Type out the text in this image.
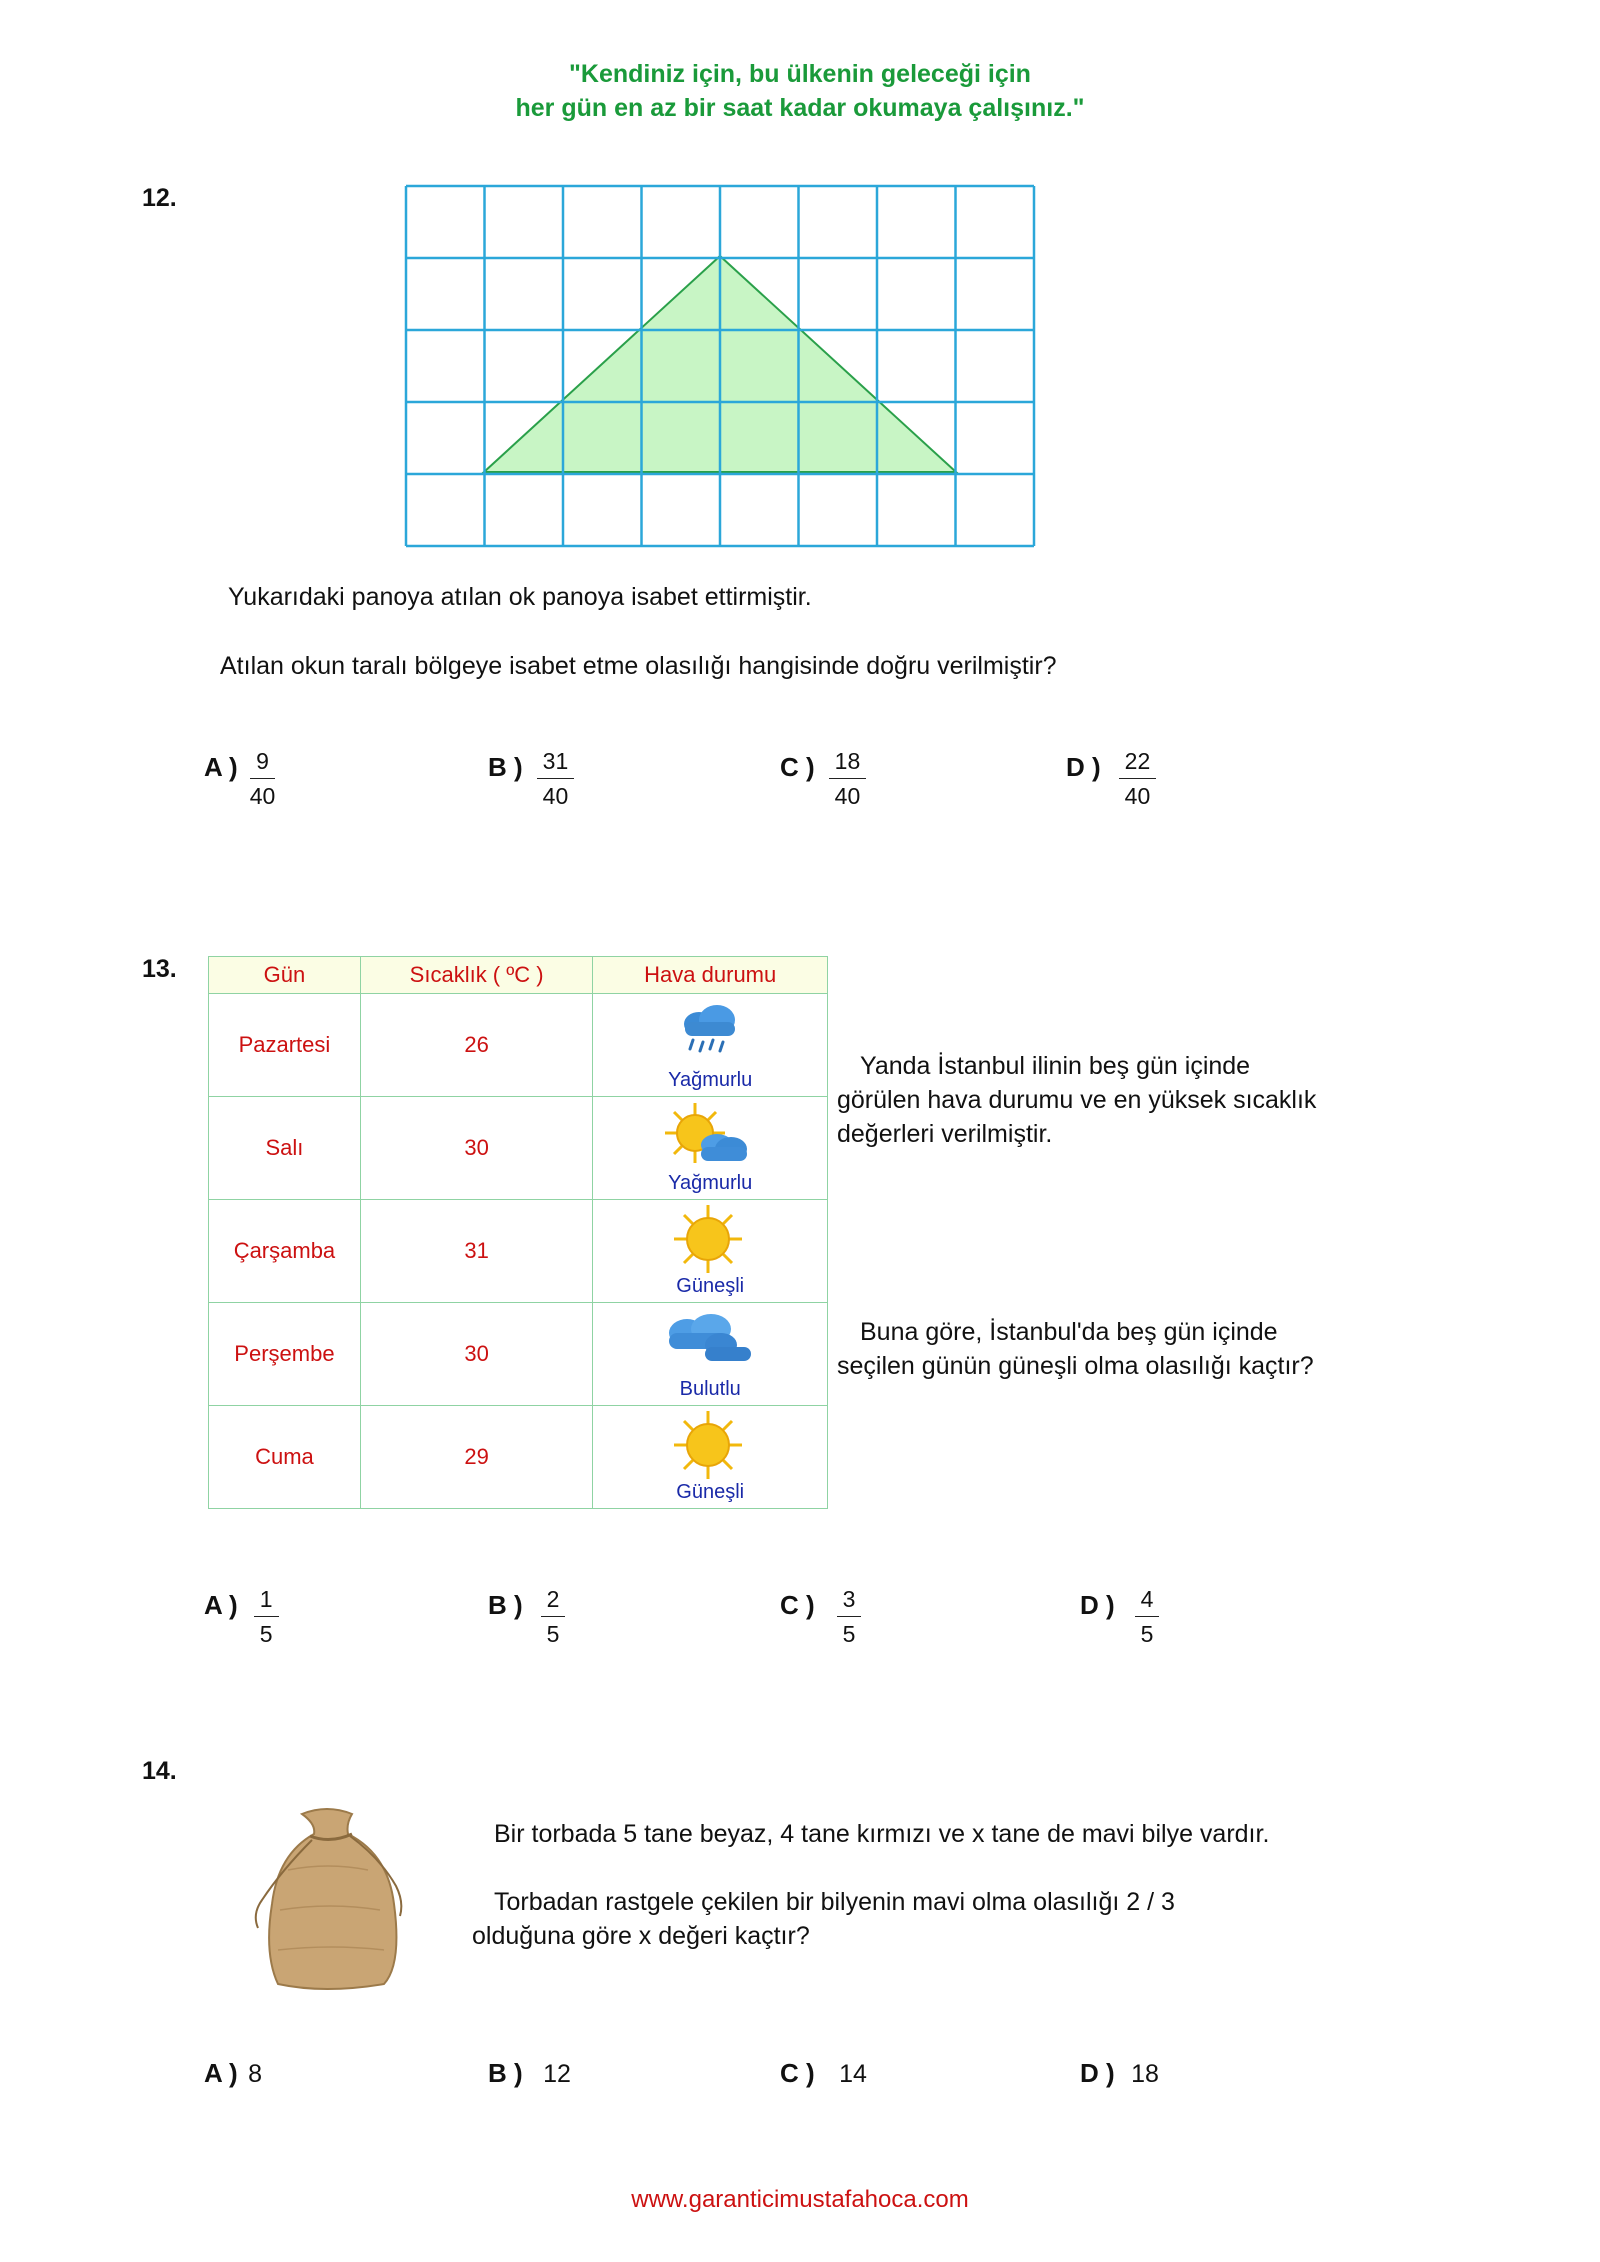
"Kendiniz için, bu ülkenin geleceği için
her gün en az bir saat kadar okumaya çalışınız."
12.
Yukarıdaki panoya atılan ok panoya isabet ettirmiştir.
Atılan okun taralı bölgeye isabet etme olasılığı hangisinde doğru verilmiştir?
A ) $\frac{9}{40}$	B ) $\frac{31}{40}$	C ) $\frac{18}{40}$	D ) $\frac{22}{40}$
13.	Gün	Sıcaklık ( ºC )	Hava durumu
Pazartesi	26	Yağmurlu

Salı	30	Yağmurlu

Çarşamba	31	Güneşli

Perşembe	30	Bulutlu

Cuma	29	Güneşli
Yanda İstanbul ilinin beş gün içinde
görülen hava durumu ve en yüksek sıcaklık
değerleri verilmiştir.
Buna göre, İstanbul'da beş gün içinde
seçilen günün güneşli olma olasılığı kaçtır?
A ) $\frac{1}{5}$	B ) $\frac{2}{5}$	C ) $\frac{3}{5}$	D ) $\frac{4}{5}$
14.
Bir torbada 5 tane beyaz, 4 tane kırmızı ve x tane de mavi bilye vardır.
Torbadan rastgele çekilen bir bilyenin mavi olma olasılığı 2 / 3
olduğuna göre x değeri kaçtır?
A ) 8	B ) 12	C ) 14	D ) 18
www.garanticimustafahoca.com
